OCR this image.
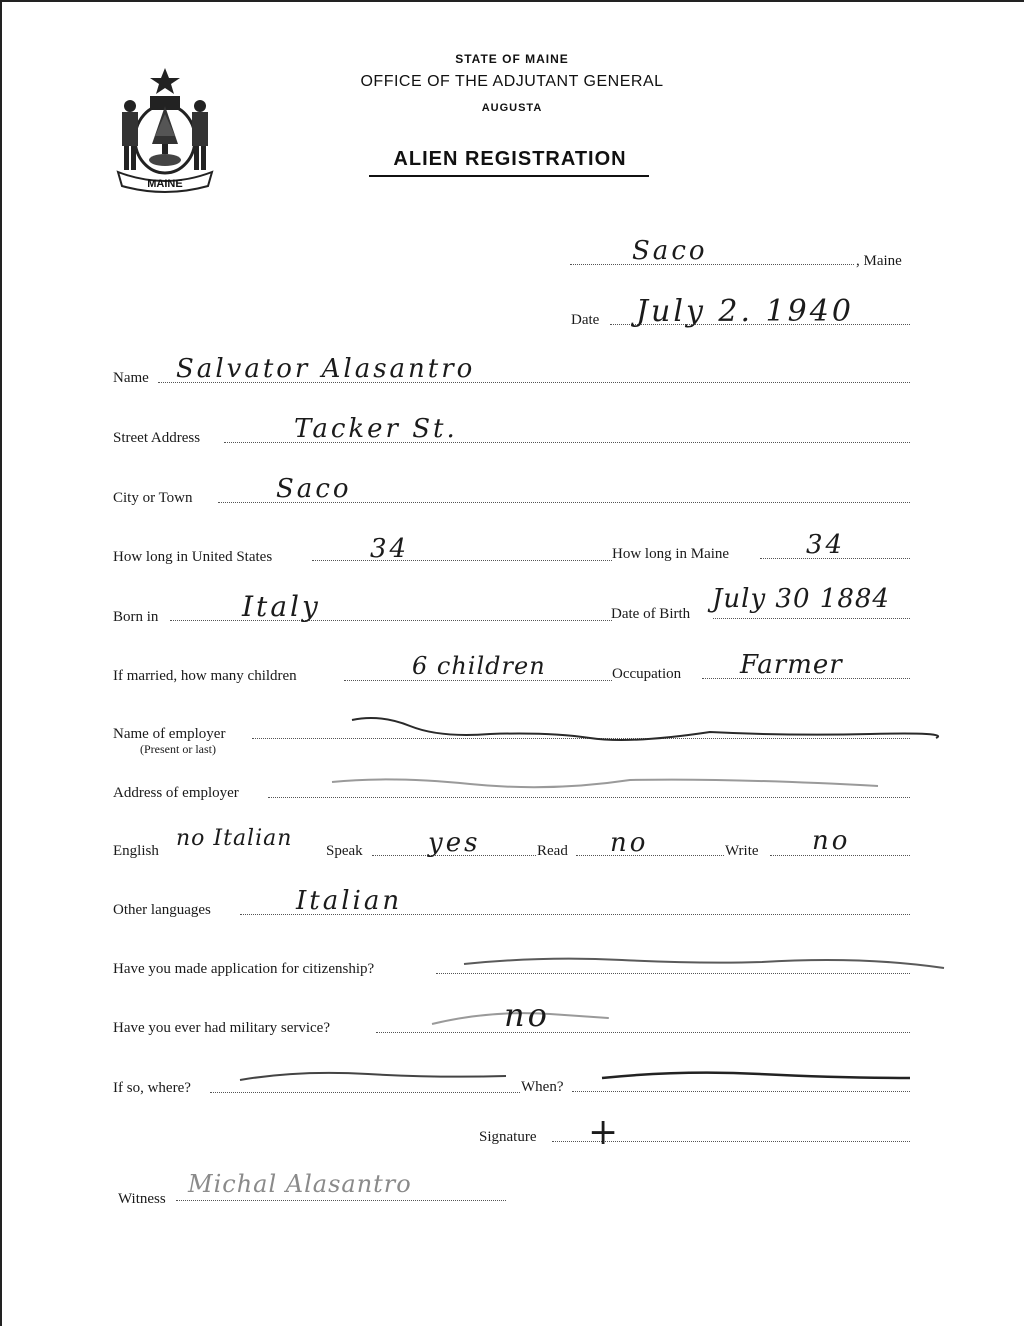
MAINE
STATE OF MAINE
OFFICE OF THE ADJUTANT GENERAL
AUGUSTA
ALIEN REGISTRATION
Saco	, Maine
Date July 2. 1940
Name Salvator Alasantro
Street Address	Tacker St.
City or Town	Saco
How long in United States	34	How long in Maine	34
Born in	Italy	Date of Birth July 30 1884
If married, how many children	6 children	Occupation Farmer
Name of employer
(Present or last)
Address of employer
English no Italian Speak	yes	Read no	Write no
Other languages	Italian
Have you made application for citizenship?
Have you ever had military service?	no
If so, where?	When?
Signature +
Witness
Michal Alasantro
